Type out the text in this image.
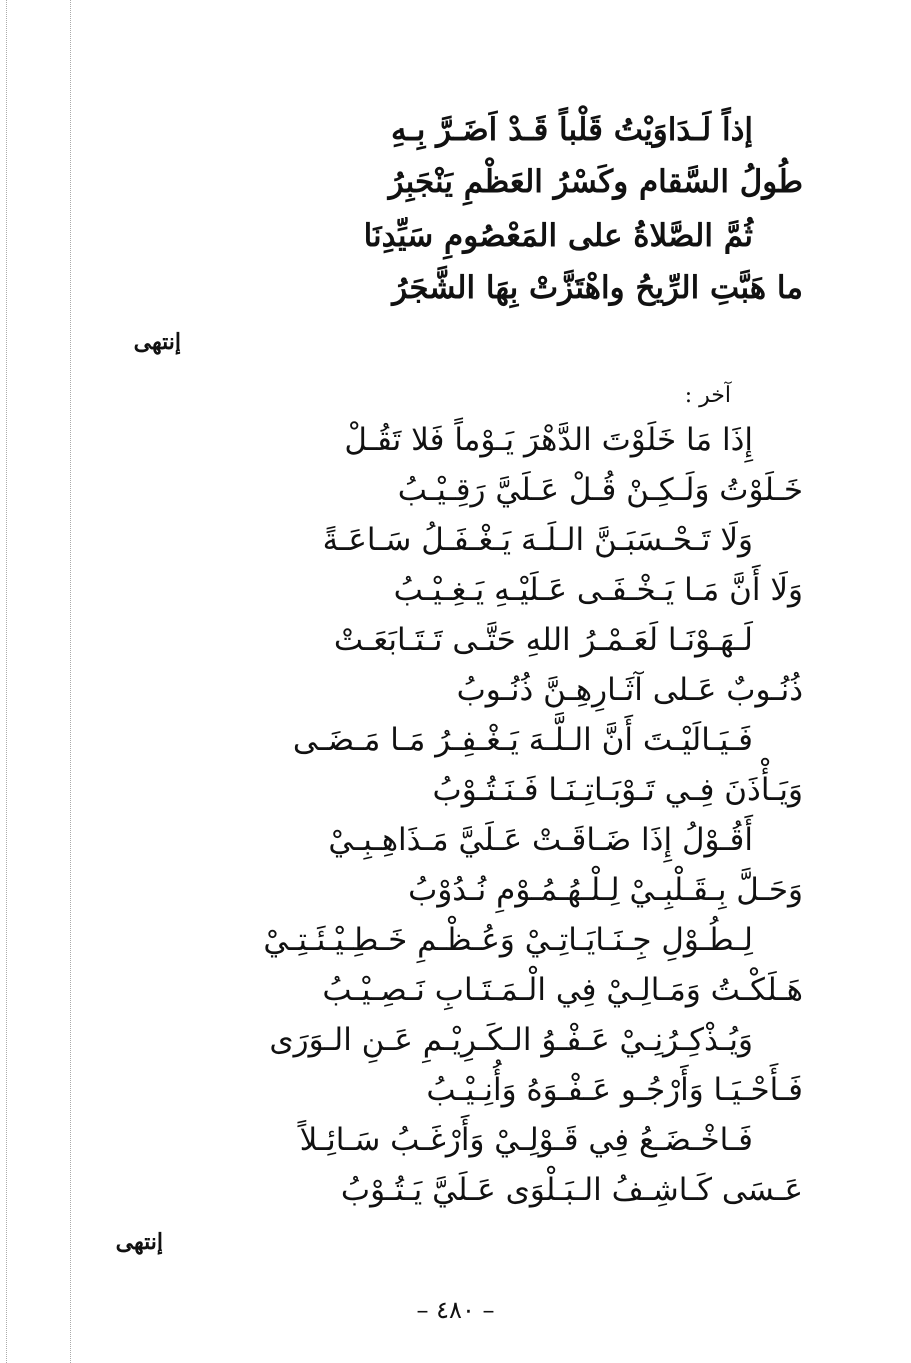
إذاً لَـدَاوَيْتُ قَلْباً قَـدْ اَضَـرَّ بِـهِ
طُولُ السَّقام وكَسْرُ العَظْمِ يَنْجَبِرُ
ثُمَّ الصَّلاةُ على المَعْصُومِ سَيِّدِنَا
ما هَبَّتِ الرِّيحُ واهْتَزَّتْ بِهَا الشَّجَرُ
إنتهى
آخر :
إِذَا مَا خَلَوْتَ الدَّهْرَ يَـوْماً فَلا تَقُـلْ
خَـلَوْتُ وَلَـكِـنْ قُـلْ عَـلَيَّ رَقِـيْـبُ
وَلَا تَـحْـسَبَـنَّ الـلَـهَ يَـغْـفَـلُ سَـاعَـةً
وَلَا أَنَّ مَـا يَـخْـفَـى عَـلَيْـهِ يَـغِـيْـبُ
لَـهَـوْنَـا لَعَـمْـرُ اللهِ حَتَّـى تَـتَـابَعَـتْ
ذُنُـوبٌ عَـلى آثَـارِهِـنَّ ذُنُـوبُ
فَـيَـالَيْـتَ أَنَّ الـلَّـهَ يَـغْـفِـرُ مَـا مَـضَـى
وَيَـأْذَنَ فِـي تَـوْبَـاتِـنَـا فَـنَـتُـوْبُ
أَقُـوْلُ إِذَا ضَـاقَـتْ عَـلَيَّ مَـذَاهِـبِـيْ
وَحَـلَّ بِـقَـلْبِـيْ لِـلْـهُـمُـوْمِ نُـدُوْبُ
لِـطُـوْلِ جِـنَـايَـاتِـيْ وَعُـظْـمِ خَـطِـيْـئَـتِـيْ
هَـلَكْـتُ وَمَـالِـيْ فِي الْـمَـتَـابِ نَـصِـيْـبُ
وَيُـذْكِـرُنِـيْ عَـفْـوُ الـكَـرِيْـمِ عَـنِ الـوَرَى
فَـأَحْـيَـا وَأَرْجُـو عَـفْـوَهُ وَأُنِـيْـبُ
فَـاخْـضَـعُ فِي قَـوْلِـيْ وَأَرْغَـبُ سَـائِـلاً
عَـسَى كَـاشِـفُ الـبَـلْوَى عَـلَيَّ يَـتُـوْبُ
إنتهى
– ٤٨٠ –
